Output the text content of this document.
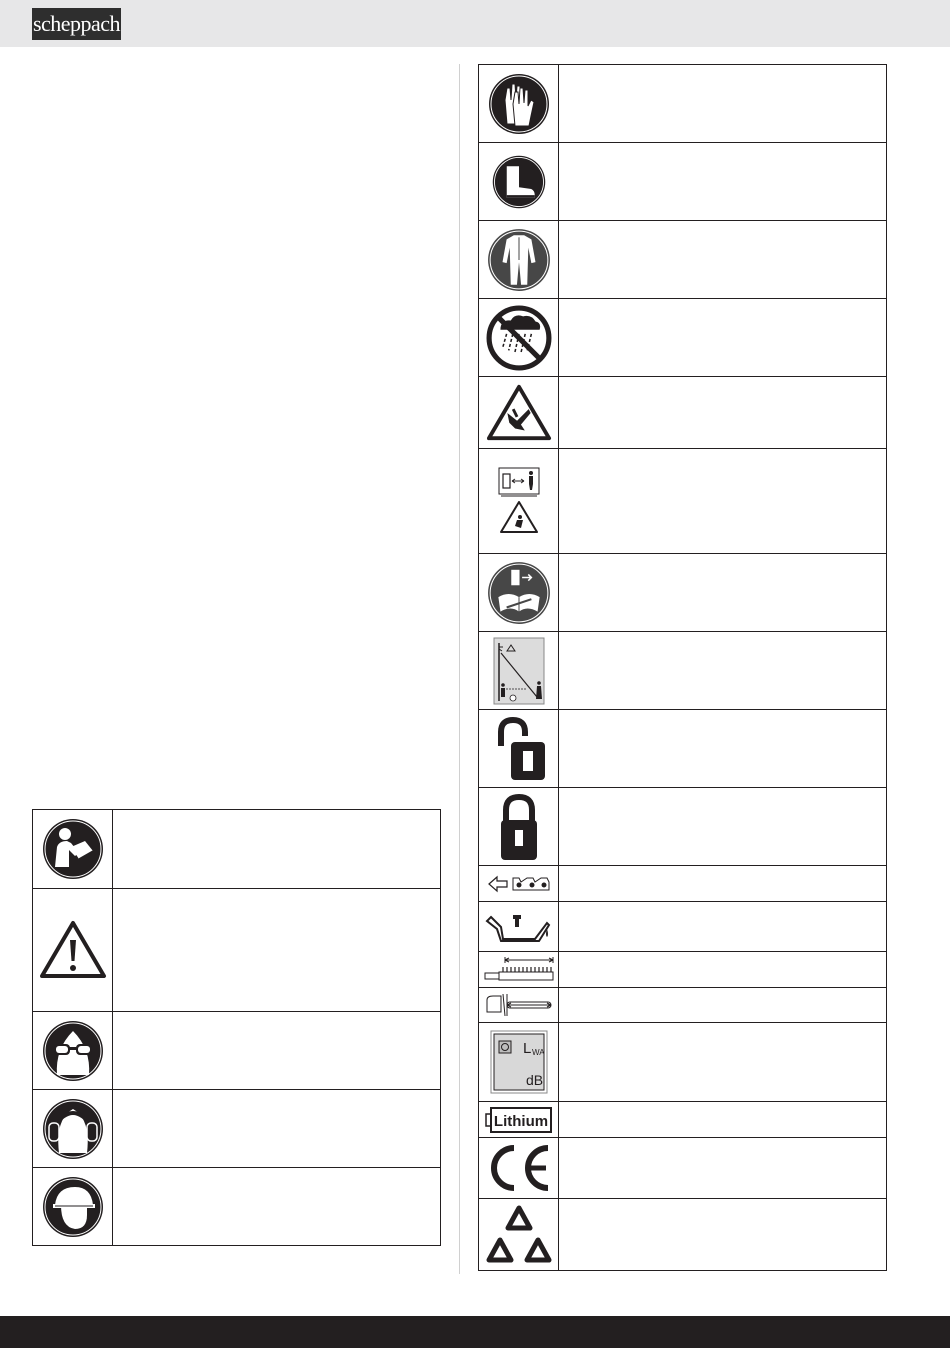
scheppach

L WA
dB	

Lithium	
